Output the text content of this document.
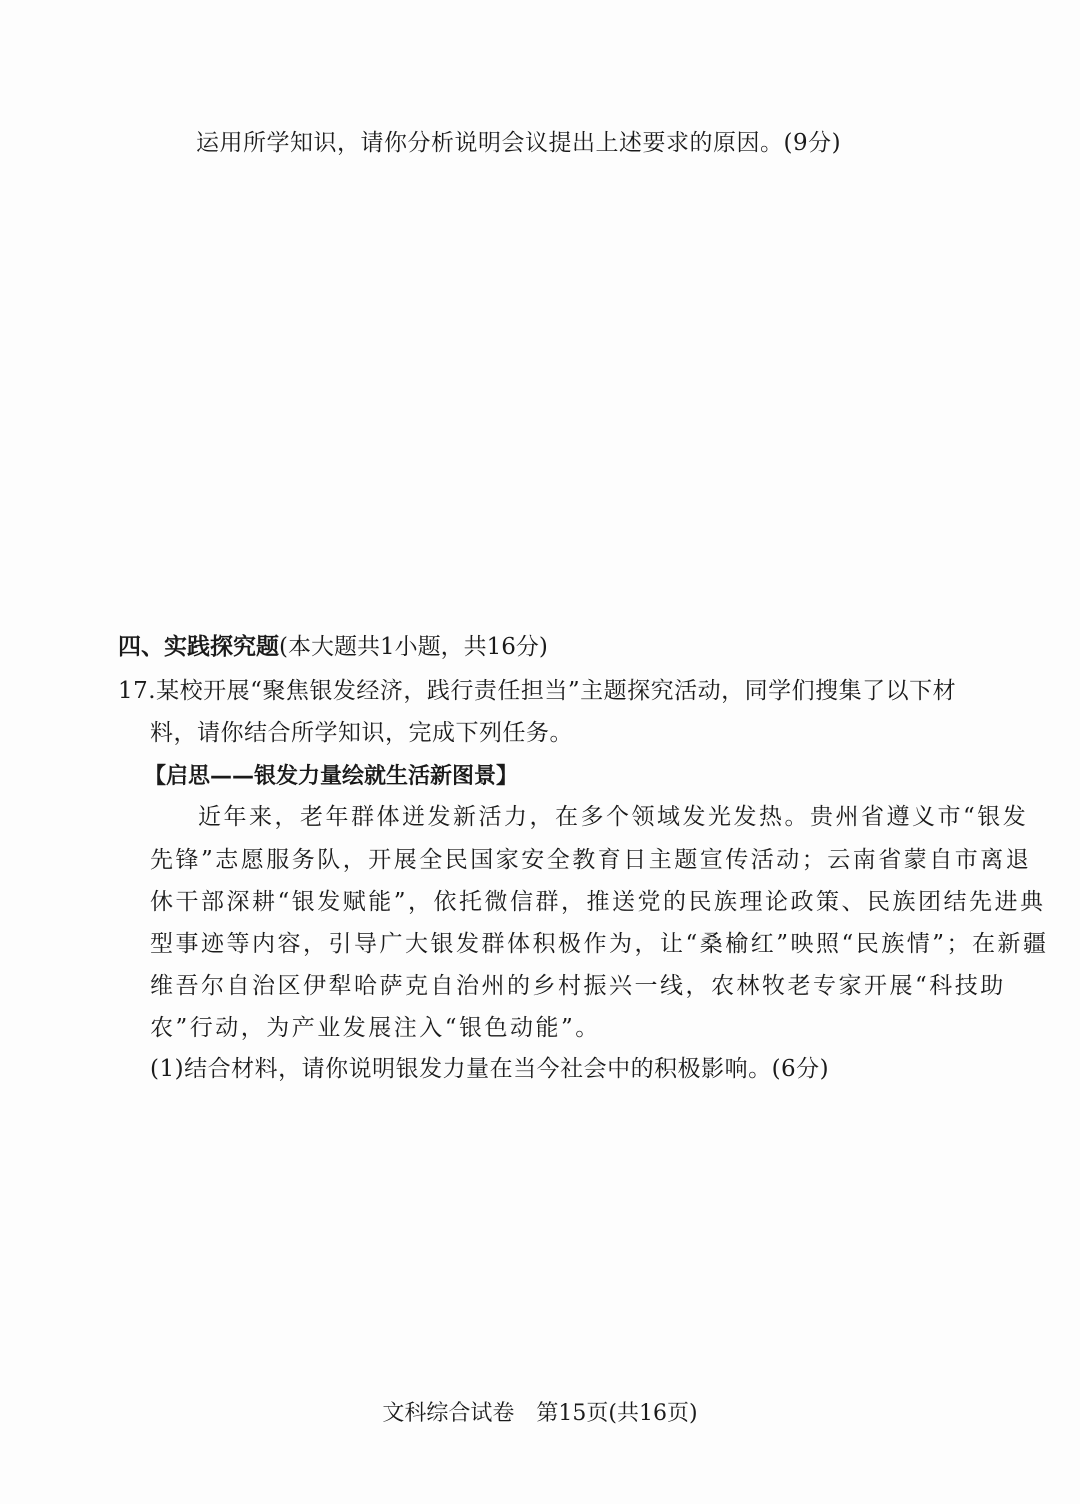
运用所学知识，请你分析说明会议提出上述要求的原因。(9分)
四、实践探究题(本大题共1小题，共16分)
17.某校开展“聚焦银发经济，践行责任担当”主题探究活动，同学们搜集了以下材
料，请你结合所学知识，完成下列任务。
【启思——银发力量绘就生活新图景】
近年来，老年群体迸发新活力，在多个领域发光发热。贵州省遵义市“银发
先锋”志愿服务队，开展全民国家安全教育日主题宣传活动；云南省蒙自市离退
休干部深耕“银发赋能”，依托微信群，推送党的民族理论政策、民族团结先进典
型事迹等内容，引导广大银发群体积极作为，让“桑榆红”映照“民族情”；在新疆
维吾尔自治区伊犁哈萨克自治州的乡村振兴一线，农林牧老专家开展“科技助
农”行动，为产业发展注入“银色动能”。
(1)结合材料，请你说明银发力量在当今社会中的积极影响。(6分)
文科综合试卷　第15页(共16页)
